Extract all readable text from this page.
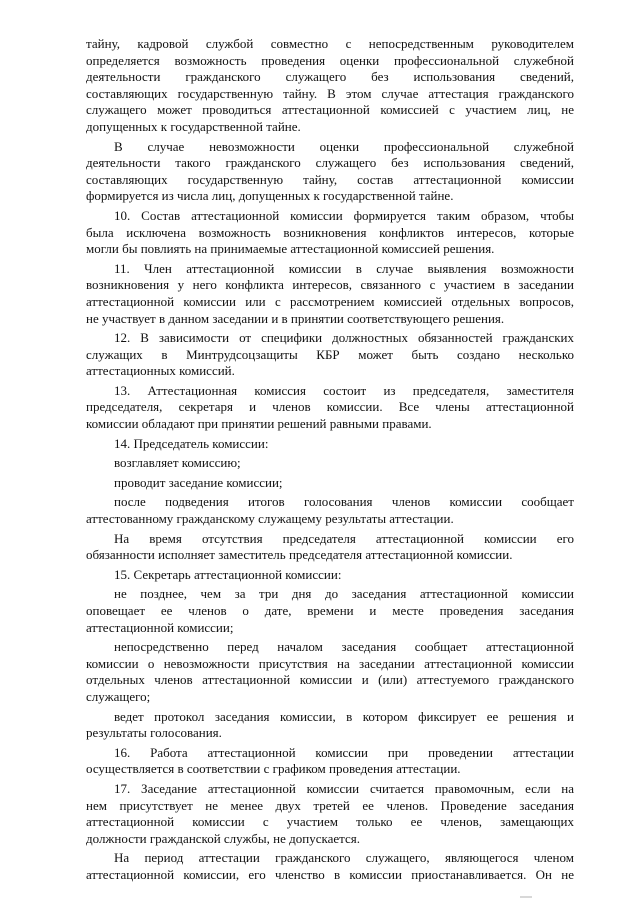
тайну, кадровой службой совместно с непосредственным руководителем
определяется возможность проведения оценки профессиональной служебной
деятельности гражданского служащего без использования сведений,
составляющих государственную тайну. В этом случае аттестация гражданского
служащего может проводиться аттестационной комиссией с участием лиц, не
допущенных к государственной тайне.
В случае невозможности оценки профессиональной служебной
деятельности такого гражданского служащего без использования сведений,
составляющих государственную тайну, состав аттестационной комиссии
формируется из числа лиц, допущенных к государственной тайне.
10. Состав аттестационной комиссии формируется таким образом, чтобы
была исключена возможность возникновения конфликтов интересов, которые
могли бы повлиять на принимаемые аттестационной комиссией решения.
11. Член аттестационной комиссии в случае выявления возможности
возникновения у него конфликта интересов, связанного с участием в заседании
аттестационной комиссии или с рассмотрением комиссией отдельных вопросов,
не участвует в данном заседании и в принятии соответствующего решения.
12. В зависимости от специфики должностных обязанностей гражданских
служащих в Минтрудсоцзащиты КБР может быть создано несколько
аттестационных комиссий.
13. Аттестационная комиссия состоит из председателя, заместителя
председателя, секретаря и членов комиссии. Все члены аттестационной
комиссии обладают при принятии решений равными правами.
14. Председатель комиссии:
возглавляет комиссию;
проводит заседание комиссии;
после подведения итогов голосования членов комиссии сообщает
аттестованному гражданскому служащему результаты аттестации.
На время отсутствия председателя аттестационной комиссии его
обязанности исполняет заместитель председателя аттестационной комиссии.
15. Секретарь аттестационной комиссии:
не позднее, чем за три дня до заседания аттестационной комиссии
оповещает ее членов о дате, времени и месте проведения заседания
аттестационной комиссии;
непосредственно перед началом заседания сообщает аттестационной
комиссии о невозможности присутствия на заседании аттестационной комиссии
отдельных членов аттестационной комиссии и (или) аттестуемого гражданского
служащего;
ведет протокол заседания комиссии, в котором фиксирует ее решения и
результаты голосования.
16. Работа аттестационной комиссии при проведении аттестации
осуществляется в соответствии с графиком проведения аттестации.
17. Заседание аттестационной комиссии считается правомочным, если на
нем присутствует не менее двух третей ее членов. Проведение заседания
аттестационной комиссии с участием только ее членов, замещающих
должности гражданской службы, не допускается.
На период аттестации гражданского служащего, являющегося членом
аттестационной комиссии, его членство в комиссии приостанавливается. Он не
